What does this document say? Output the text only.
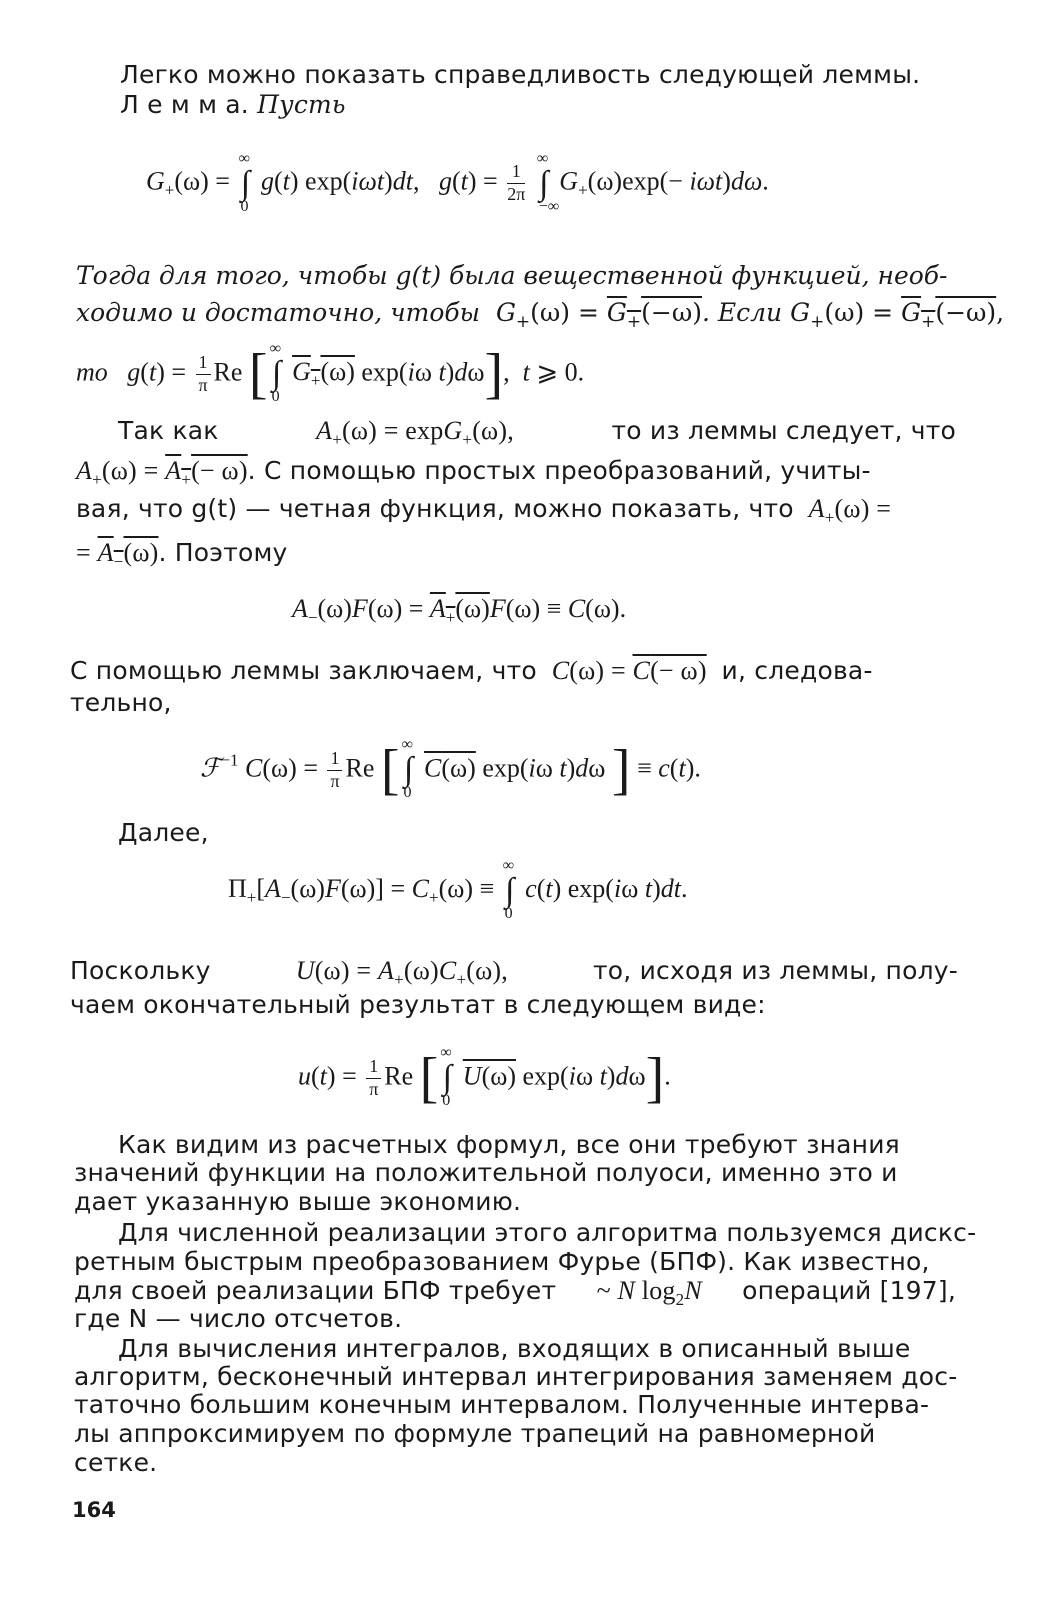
Легко можно показать справедливость следующей леммы.
Л е м м а. Пусть
$G_+(\omega)$ = ∫
∞
0
g(t) exp(iωt)dt,   $g(t) = \frac{1}{2\pi}$ ∫
∞
−∞
$G_+(\omega)\exp(- i\omega t)d\omega$.
Тогда для того, чтобы g(t) была вещественной функцией, необ-
ходимо и достаточно, чтобы $G_+(\omega) = G_+(-\omega)$. Если $G_+(\omega) = G_+(-\omega)$,
то $g(t) = \frac{1}{\pi}$ Re [ ∫
∞
0
$G_+(\omega)$ exp(iω t)dω],  t ⩾ 0.
Так как	$A_+(\omega) = \exp G_+(\omega)$,	то из леммы следует, что
$A_+(\omega) = A_+(- \omega)$. С помощью простых преобразований, учиты-
вая, что g(t) — четная функция, можно показать, что $A_+(\omega)$ =
= $A_-(\omega)$. Поэтому
$A_-(\omega)F(\omega) = A_+(\omega)F(\omega) \equiv C(\omega)$.
С помощью леммы заключаем, что C(ω) = C(− ω) и, следова-
тельно,
ℱ$^{-1}$ $C(\omega) = \frac{1}{\pi}$ Re [ ∫
∞
0
C(ω) exp(iω t)dω ] ≡ c(t).
Далее,
$\Pi_+[A_-(\omega)F(\omega)] = C_+(\omega)$ ≡ ∫
∞
0
c(t) exp(iω t)dt.
Поскольку	$U(\omega) = A_+(\omega)C_+(\omega)$,	то, исходя из леммы, полу-
чаем окончательный результат в следующем виде:
$u(t) = \frac{1}{\pi}$ Re [ ∫
∞
0
U(ω) exp(iω t)dω].
Как видим из расчетных формул, все они требуют знания
значений функции на положительной полуоси, именно это и
дает указанную выше экономию.
Для численной реализации этого алгоритма пользуемся дискс-
ретным быстрым преобразованием Фурье (БПФ). Как известно,
для своей реализации БПФ требует ~ N $\log_2N$ операций [197],
где N — число отсчетов.
Для вычисления интегралов, входящих в описанный выше
алгоритм, бесконечный интервал интегрирования заменяем дос-
таточно большим конечным интервалом. Полученные интерва-
лы аппроксимируем по формуле трапеций на равномерной
сетке.
164
